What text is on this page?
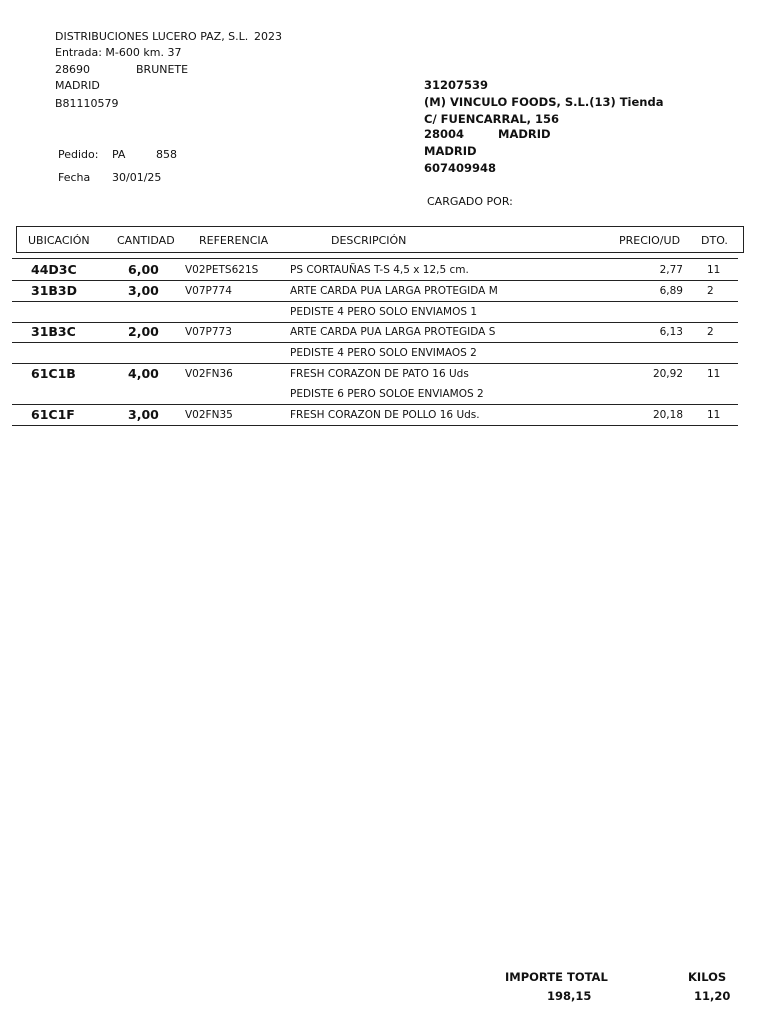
DISTRIBUCIONES LUCERO PAZ, S.L. 2023
Entrada: M-600 km. 37
28690	BRUNETE
MADRID
B81110579
Pedido: PA	858
Fecha 30/01/25
31207539
(M) VINCULO FOODS, S.L.(13) Tienda
C/ FUENCARRAL, 156
28004	MADRID
MADRID
607409948
CARGADO POR:
UBICACIÓN CANTIDAD REFERENCIA	DESCRIPCIÓN	PRECIO/UD DTO.
44D3C	6,00 V02PETS621S	PS CORTAUÑAS T-S 4,5 x 12,5 cm.	2,77 11
31B3D	3,00 V07P774	ARTE CARDA PUA LARGA PROTEGIDA M	6,89 2
PEDISTE 4 PERO SOLO ENVIAMOS 1
31B3C	2,00 V07P773	ARTE CARDA PUA LARGA PROTEGIDA S	6,13 2
PEDISTE 4 PERO SOLO ENVIMAOS 2
61C1B	4,00 V02FN36	FRESH CORAZON DE PATO 16 Uds	20,92 11
PEDISTE 6 PERO SOLOE ENVIAMOS 2
61C1F	3,00 V02FN35	FRESH CORAZON DE POLLO 16 Uds.	20,18 11
IMPORTE TOTAL
198,15
KILOS
11,20
